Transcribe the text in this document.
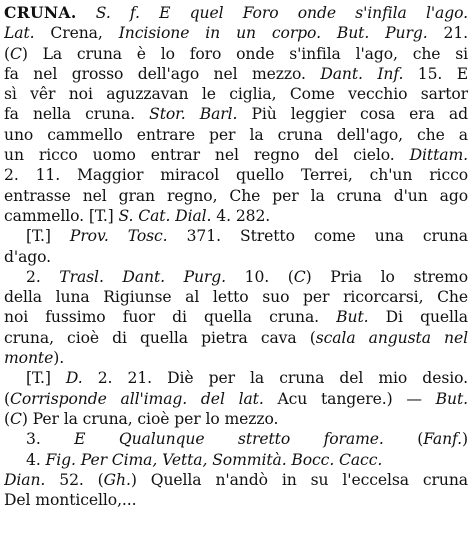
CRUNA. S. f. E quel Foro onde s'infila l'ago.
Lat. Crena, Incisione in un corpo. But. Purg. 21.
(C) La cruna è lo foro onde s'infila l'ago, che si
fa nel grosso dell'ago nel mezzo. Dant. Inf. 15. E
sì vêr noi aguzzavan le ciglia, Come vecchio sartor
fa nella cruna. Stor. Barl. Più leggier cosa era ad
uno cammello entrare per la cruna dell'ago, che a
un ricco uomo entrar nel regno del cielo. Dittam.
2. 11. Maggior miracol quello Terrei, ch'un ricco
entrasse nel gran regno, Che per la cruna d'un ago
cammello. [T.] S. Cat. Dial. 4. 282.
[T.] Prov. Tosc. 371. Stretto come una cruna
d'ago.
2. Trasl. Dant. Purg. 10. (C) Pria lo stremo
della luna Rigiunse al letto suo per ricorcarsi, Che
noi fussimo fuor di quella cruna. But. Di quella
cruna, cioè di quella pietra cava (scala angusta nel
monte).
[T.] D. 2. 21. Diè per la cruna del mio desio.
(Corrisponde all'imag. del lat. Acu tangere.) — But.
(C) Per la cruna, cioè per lo mezzo.
3. E Qualunque stretto forame. (Fanf.)
4. Fig. Per Cima, Vetta, Sommità. Bocc. Cacc.
Dian. 52. (Gh.) Quella n'andò in su l'eccelsa cruna
Del monticello,...
